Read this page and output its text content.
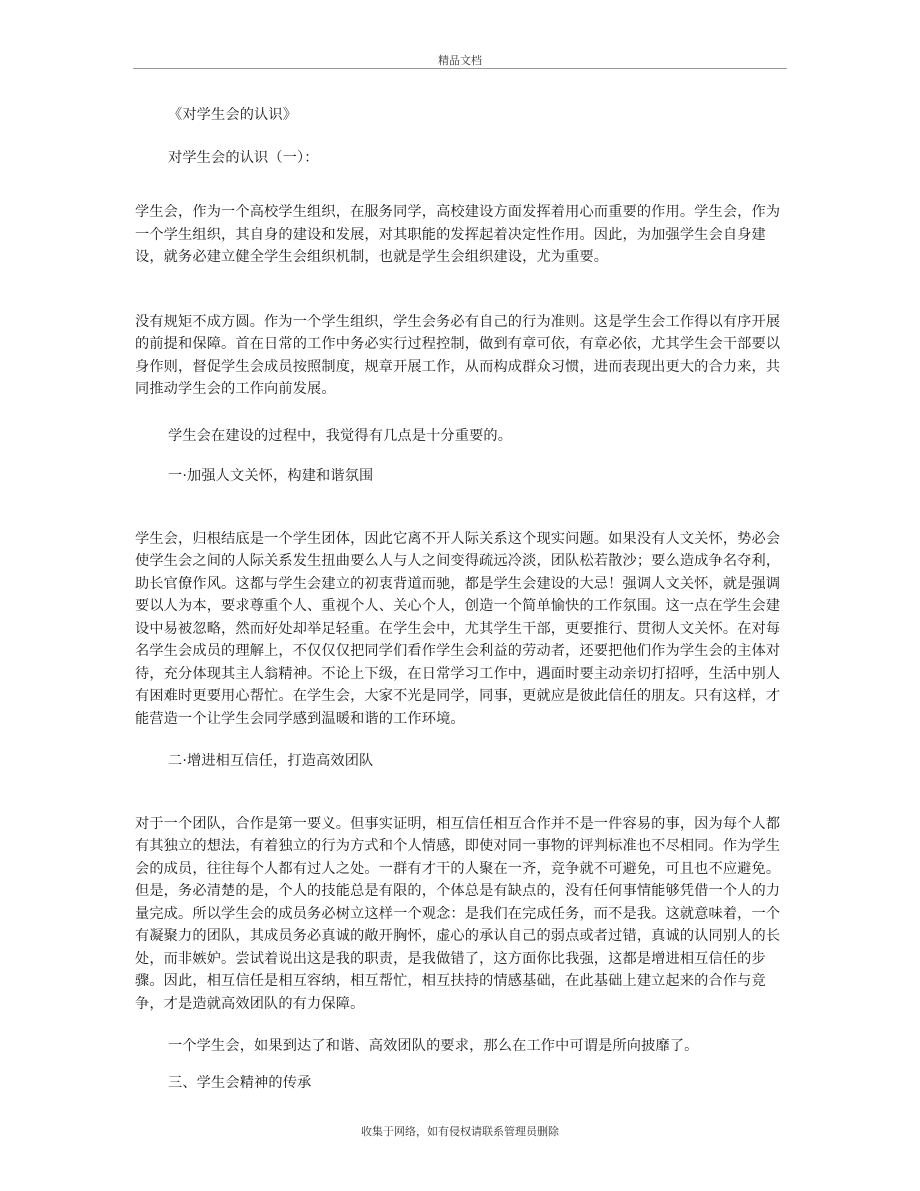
精品文档

《对学生会的认识》

对学生会的认识（一）：

学生会，作为一个高校学生组织，在服务同学，高校建设方面发挥着用心而重要的作用。学生会，作为一个学生组织，其自身的建设和发展，对其职能的发挥起着决定性作用。因此，为加强学生会自身建设，就务必建立健全学生会组织机制，也就是学生会组织建设，尤为重要。

没有规矩不成方圆。作为一个学生组织，学生会务必有自己的行为准则。这是学生会工作得以有序开展的前提和保障。首在日常的工作中务必实行过程控制，做到有章可依，有章必依，尤其学生会干部要以身作则，督促学生会成员按照制度，规章开展工作，从而构成群众习惯，进而表现出更大的合力来，共同推动学生会的工作向前发展。

学生会在建设的过程中，我觉得有几点是十分重要的。

一·加强人文关怀，构建和谐氛围

学生会，归根结底是一个学生团体，因此它离不开人际关系这个现实问题。如果没有人文关怀，势必会使学生会之间的人际关系发生扭曲要么人与人之间变得疏远冷淡，团队松若散沙；要么造成争名夺利，助长官僚作风。这都与学生会建立的初衷背道而驰，都是学生会建设的大忌！强调人文关怀，就是强调要以人为本，要求尊重个人、重视个人、关心个人，创造一个简单愉快的工作氛围。这一点在学生会建设中易被忽略，然而好处却举足轻重。在学生会中，尤其学生干部，更要推行、贯彻人文关怀。在对每名学生会成员的理解上，不仅仅仅把同学们看作学生会利益的劳动者，还要把他们作为学生会的主体对待，充分体现其主人翁精神。不论上下级，在日常学习工作中，遇面时要主动亲切打招呼，生活中别人有困难时更要用心帮忙。在学生会，大家不光是同学，同事，更就应是彼此信任的朋友。只有这样，才能营造一个让学生会同学感到温暖和谐的工作环境。

二·增进相互信任，打造高效团队

对于一个团队，合作是第一要义。但事实证明，相互信任相互合作并不是一件容易的事，因为每个人都有其独立的想法，有着独立的行为方式和个人情感，即使对同一事物的评判标准也不尽相同。作为学生会的成员，往往每个人都有过人之处。一群有才干的人聚在一齐，竞争就不可避免，可且也不应避免。但是，务必清楚的是，个人的技能总是有限的，个体总是有缺点的，没有任何事情能够凭借一个人的力量完成。所以学生会的成员务必树立这样一个观念：是我们在完成任务，而不是我。这就意味着，一个有凝聚力的团队，其成员务必真诚的敞开胸怀，虚心的承认自己的弱点或者过错，真诚的认同别人的长处，而非嫉妒。尝试着说出这是我的职责，是我做错了，这方面你比我强，这都是增进相互信任的步骤。因此，相互信任是相互容纳，相互帮忙，相互扶持的情感基础，在此基础上建立起来的合作与竞争，才是造就高效团队的有力保障。

一个学生会，如果到达了和谐、高效团队的要求，那么在工作中可谓是所向披靡了。

三、学生会精神的传承

收集于网络，如有侵权请联系管理员删除
